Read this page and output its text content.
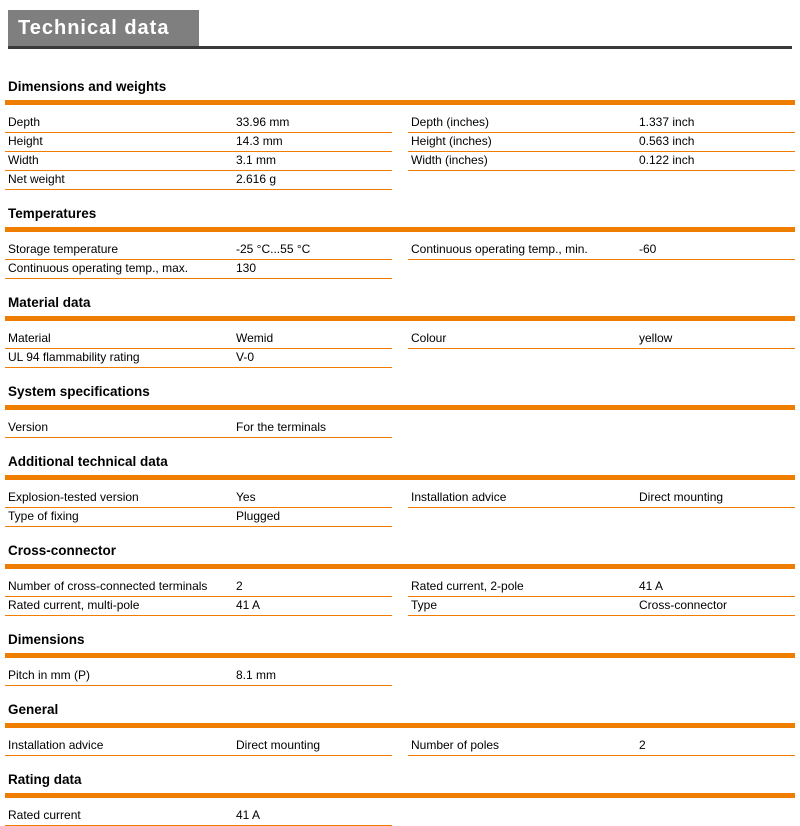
Technical data
Dimensions and weights
Depth	33.96 mm
Height	14.3 mm
Width	3.1 mm
Net weight	2.616 g
Depth (inches)	1.337 inch
Height (inches)	0.563 inch
Width (inches)	0.122 inch
Temperatures
Storage temperature	-25 °C...55 °C
Continuous operating temp., max.	130
Continuous operating temp., min.	-60
Material data
Material	Wemid
UL 94 flammability rating	V-0
Colour	yellow
System specifications
Version	For the terminals
Additional technical data
Explosion-tested version	Yes
Type of fixing	Plugged
Installation advice	Direct mounting
Cross-connector
Number of cross-connected terminals	2
Rated current, multi-pole	41 A
Rated current, 2-pole	41 A
Type	Cross-connector
Dimensions
Pitch in mm (P)	8.1 mm
General
Installation advice	Direct mounting	Number of poles	2
Rating data
Rated current	41 A
